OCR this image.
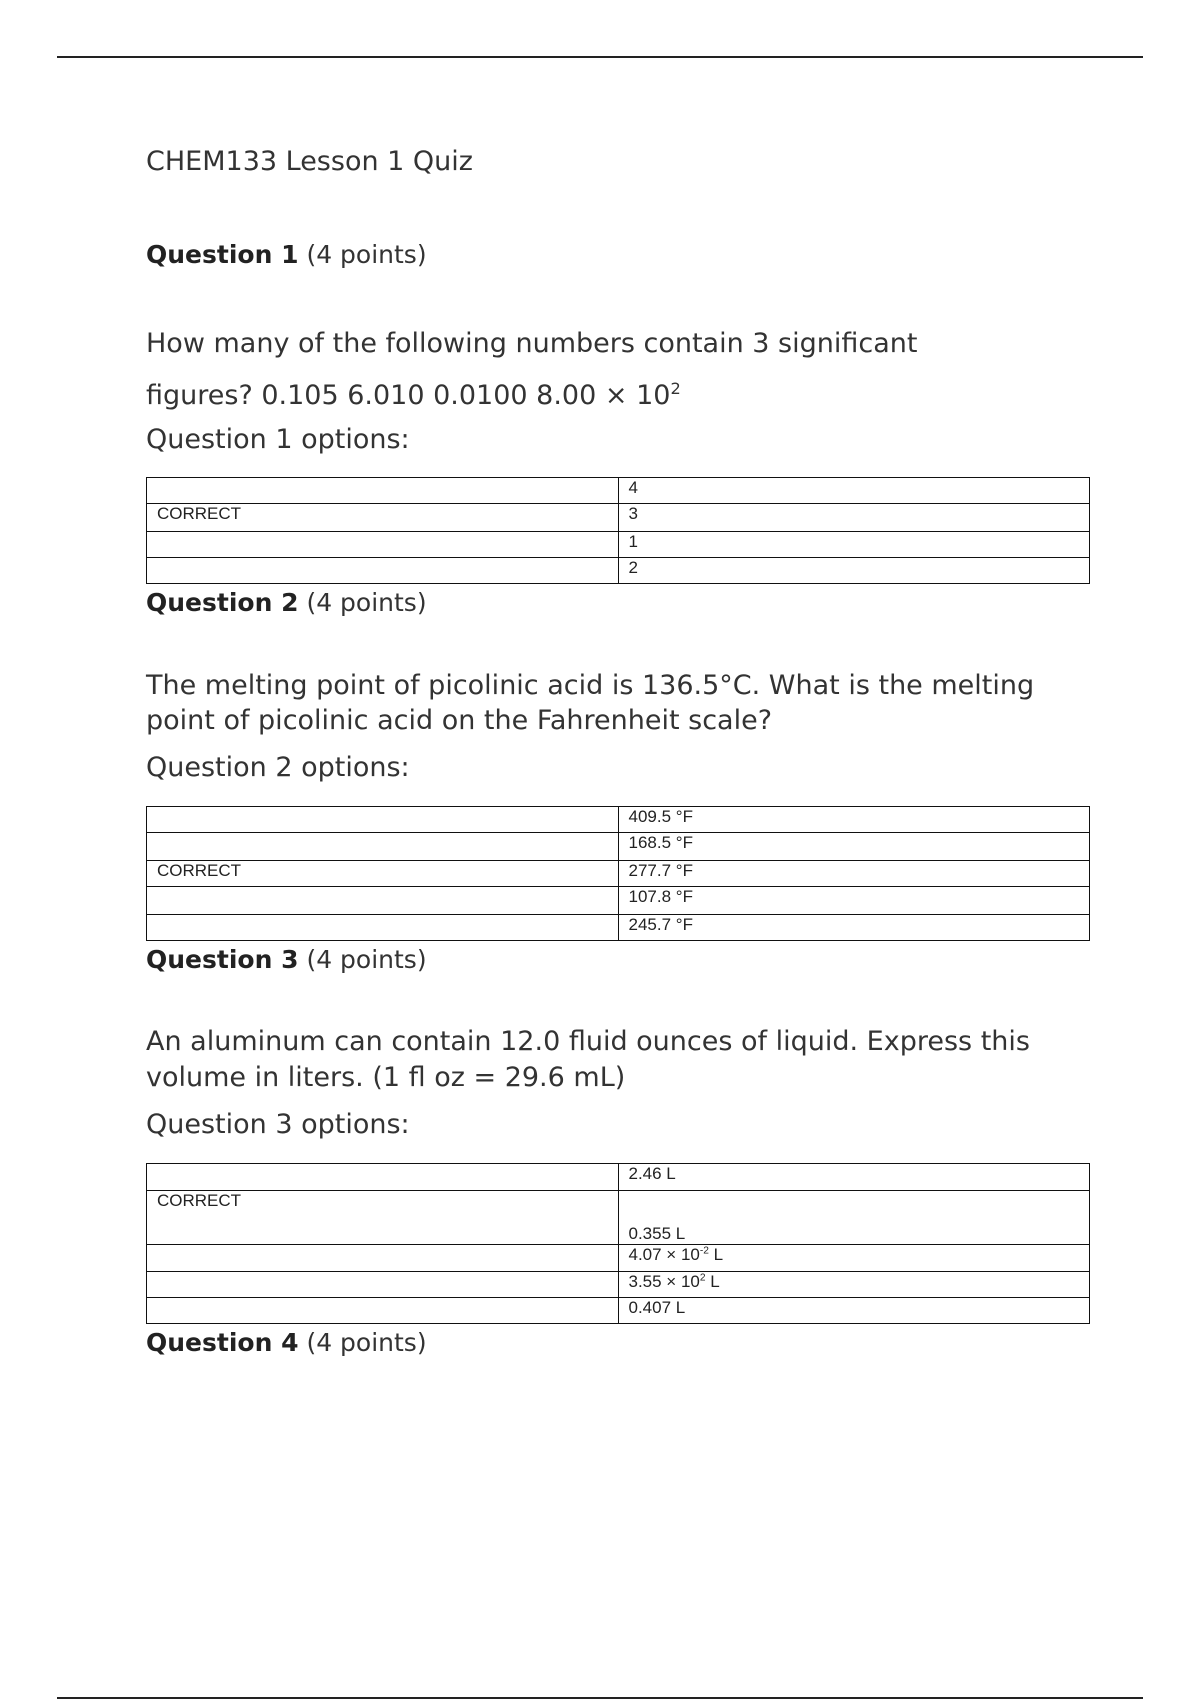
CHEM133 Lesson 1 Quiz

Question 1 (4 points)

How many of the following numbers contain 3 significant
figures? 0.105 6.010 0.0100 $8.00 \times 10^2$

Question 1 options:

	4
CORRECT	3
	1
	2

Question 2 (4 points)

The melting point of picolinic acid is 136.5°C. What is the melting point of picolinic acid on the Fahrenheit scale?

Question 2 options:

	409.5 °F
	168.5 °F
CORRECT	277.7 °F
	107.8 °F
	245.7 °F

Question 3 (4 points)

An aluminum can contain 12.0 fluid ounces of liquid. Express this volume in liters. (1 fl oz = 29.6 mL)

Question 3 options:

	2.46 L
CORRECT	0.355 L
	$4.07 \times 10^{-2}$ L
	$3.55 \times 10^2$ L
	0.407 L

Question 4 (4 points)
